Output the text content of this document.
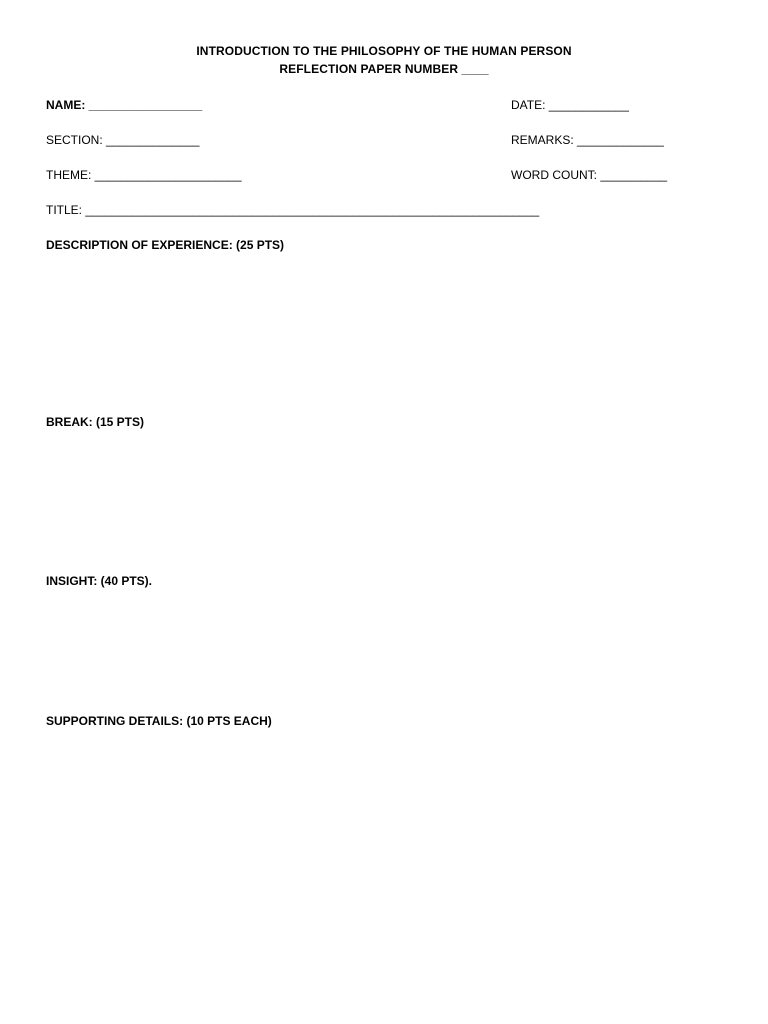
INTRODUCTION TO THE PHILOSOPHY OF THE HUMAN PERSON
REFLECTION PAPER NUMBER ____
NAME: _________________	DATE: ____________
SECTION: ______________	REMARKS: _____________
THEME: ______________________	WORD COUNT: __________
TITLE: ____________________________________________________________________
DESCRIPTION OF EXPERIENCE: (25 PTS)
BREAK: (15 PTS)
INSIGHT: (40 PTS).
SUPPORTING DETAILS: (10 PTS EACH)
